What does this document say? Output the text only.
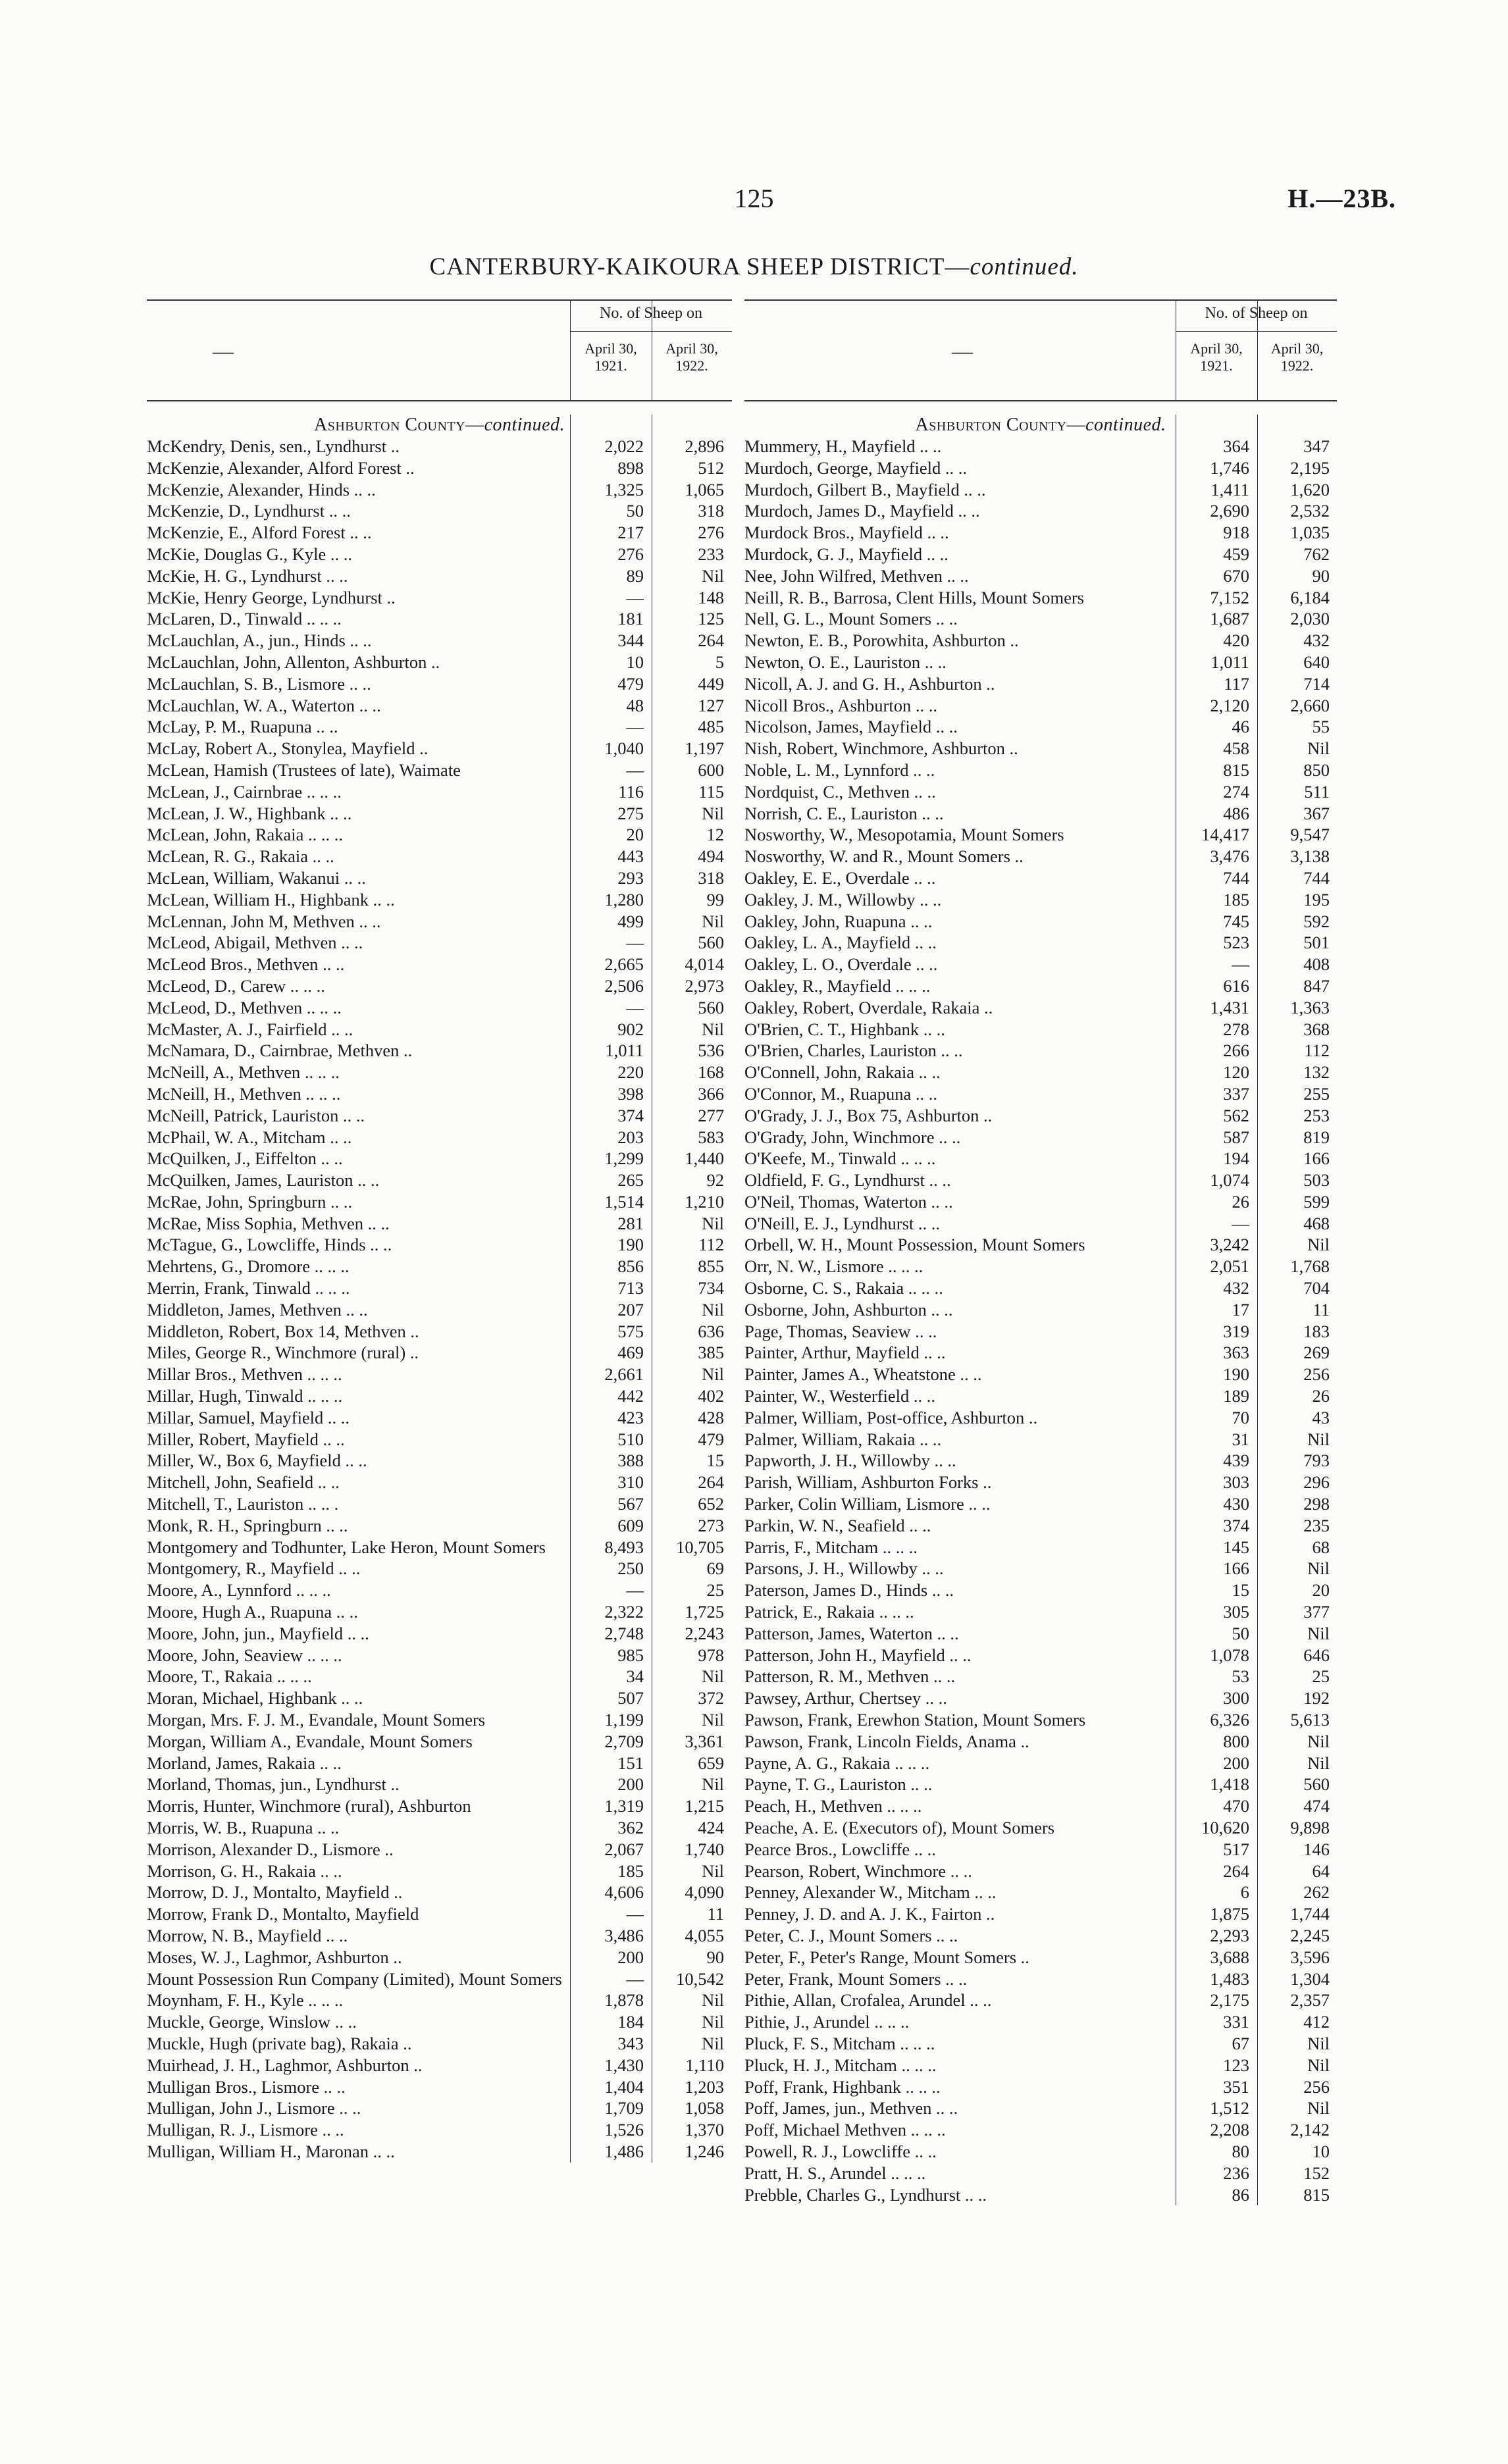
125	H.—23B.
CANTERBURY-KAIKOURA SHEEP DISTRICT—continued.
—
No. of Sheep on
April 30,
1921.
April 30,
1922.
Ashburton County—continued.
McKendry, Denis, sen., Lyndhurst ..	2,022	2,896
McKenzie, Alexander, Alford Forest ..	898	512
McKenzie, Alexander, Hinds .. ..	1,325	1,065
McKenzie, D., Lyndhurst .. ..	50	318
McKenzie, E., Alford Forest .. ..	217	276
McKie, Douglas G., Kyle .. ..	276	233
McKie, H. G., Lyndhurst .. ..	89	Nil
McKie, Henry George, Lyndhurst ..	—	148
McLaren, D., Tinwald .. .. ..	181	125
McLauchlan, A., jun., Hinds .. ..	344	264
McLauchlan, John, Allenton, Ashburton ..	10	5
McLauchlan, S. B., Lismore .. ..	479	449
McLauchlan, W. A., Waterton .. ..	48	127
McLay, P. M., Ruapuna .. ..	—	485
McLay, Robert A., Stonylea, Mayfield ..	1,040	1,197
McLean, Hamish (Trustees of late), Waimate	—	600
McLean, J., Cairnbrae .. .. ..	116	115
McLean, J. W., Highbank .. ..	275	Nil
McLean, John, Rakaia .. .. ..	20	12
McLean, R. G., Rakaia .. ..	443	494
McLean, William, Wakanui .. ..	293	318
McLean, William H., Highbank .. ..	1,280	99
McLennan, John M, Methven .. ..	499	Nil
McLeod, Abigail, Methven .. ..	—	560
McLeod Bros., Methven .. ..	2,665	4,014
McLeod, D., Carew .. .. ..	2,506	2,973
McLeod, D., Methven .. .. ..	—	560
McMaster, A. J., Fairfield .. ..	902	Nil
McNamara, D., Cairnbrae, Methven ..	1,011	536
McNeill, A., Methven .. .. ..	220	168
McNeill, H., Methven .. .. ..	398	366
McNeill, Patrick, Lauriston .. ..	374	277
McPhail, W. A., Mitcham .. ..	203	583
McQuilken, J., Eiffelton .. ..	1,299	1,440
McQuilken, James, Lauriston .. ..	265	92
McRae, John, Springburn .. ..	1,514	1,210
McRae, Miss Sophia, Methven .. ..	281	Nil
McTague, G., Lowcliffe, Hinds .. ..	190	112
Mehrtens, G., Dromore .. .. ..	856	855
Merrin, Frank, Tinwald .. .. ..	713	734
Middleton, James, Methven .. ..	207	Nil
Middleton, Robert, Box 14, Methven ..	575	636
Miles, George R., Winchmore (rural) ..	469	385
Millar Bros., Methven .. .. ..	2,661	Nil
Millar, Hugh, Tinwald .. .. ..	442	402
Millar, Samuel, Mayfield .. ..	423	428
Miller, Robert, Mayfield .. ..	510	479
Miller, W., Box 6, Mayfield .. ..	388	15
Mitchell, John, Seafield .. ..	310	264
Mitchell, T., Lauriston .. .. .	567	652
Monk, R. H., Springburn .. ..	609	273
Montgomery and Todhunter, Lake Heron, Mount Somers	8,493	10,705
Montgomery, R., Mayfield .. ..	250	69
Moore, A., Lynnford .. .. ..	—	25
Moore, Hugh A., Ruapuna .. ..	2,322	1,725
Moore, John, jun., Mayfield .. ..	2,748	2,243
Moore, John, Seaview .. .. ..	985	978
Moore, T., Rakaia .. .. ..	34	Nil
Moran, Michael, Highbank .. ..	507	372
Morgan, Mrs. F. J. M., Evandale, Mount Somers	1,199	Nil
Morgan, William A., Evandale, Mount Somers	2,709	3,361
Morland, James, Rakaia .. ..	151	659
Morland, Thomas, jun., Lyndhurst ..	200	Nil
Morris, Hunter, Winchmore (rural), Ashburton	1,319	1,215
Morris, W. B., Ruapuna .. ..	362	424
Morrison, Alexander D., Lismore ..	2,067	1,740
Morrison, G. H., Rakaia .. ..	185	Nil
Morrow, D. J., Montalto, Mayfield ..	4,606	4,090
Morrow, Frank D., Montalto, Mayfield	—	11
Morrow, N. B., Mayfield .. ..	3,486	4,055
Moses, W. J., Laghmor, Ashburton ..	200	90
Mount Possession Run Company (Limited), Mount Somers	—	10,542
Moynham, F. H., Kyle .. .. ..	1,878	Nil
Muckle, George, Winslow .. ..	184	Nil
Muckle, Hugh (private bag), Rakaia ..	343	Nil
Muirhead, J. H., Laghmor, Ashburton ..	1,430	1,110
Mulligan Bros., Lismore .. ..	1,404	1,203
Mulligan, John J., Lismore .. ..	1,709	1,058
Mulligan, R. J., Lismore .. ..	1,526	1,370
Mulligan, William H., Maronan .. ..	1,486	1,246
—
No. of Sheep on
April 30,
1921.
April 30,
1922.
Ashburton County—continued.
Mummery, H., Mayfield .. ..	364	347
Murdoch, George, Mayfield .. ..	1,746	2,195
Murdoch, Gilbert B., Mayfield .. ..	1,411	1,620
Murdoch, James D., Mayfield .. ..	2,690	2,532
Murdock Bros., Mayfield .. ..	918	1,035
Murdock, G. J., Mayfield .. ..	459	762
Nee, John Wilfred, Methven .. ..	670	90
Neill, R. B., Barrosa, Clent Hills, Mount Somers	7,152	6,184
Nell, G. L., Mount Somers .. ..	1,687	2,030
Newton, E. B., Porowhita, Ashburton ..	420	432
Newton, O. E., Lauriston .. ..	1,011	640
Nicoll, A. J. and G. H., Ashburton ..	117	714
Nicoll Bros., Ashburton .. ..	2,120	2,660
Nicolson, James, Mayfield .. ..	46	55
Nish, Robert, Winchmore, Ashburton ..	458	Nil
Noble, L. M., Lynnford .. ..	815	850
Nordquist, C., Methven .. ..	274	511
Norrish, C. E., Lauriston .. ..	486	367
Nosworthy, W., Mesopotamia, Mount Somers	14,417	9,547
Nosworthy, W. and R., Mount Somers ..	3,476	3,138
Oakley, E. E., Overdale .. ..	744	744
Oakley, J. M., Willowby .. ..	185	195
Oakley, John, Ruapuna .. ..	745	592
Oakley, L. A., Mayfield .. ..	523	501
Oakley, L. O., Overdale .. ..	—	408
Oakley, R., Mayfield .. .. ..	616	847
Oakley, Robert, Overdale, Rakaia ..	1,431	1,363
O'Brien, C. T., Highbank .. ..	278	368
O'Brien, Charles, Lauriston .. ..	266	112
O'Connell, John, Rakaia .. ..	120	132
O'Connor, M., Ruapuna .. ..	337	255
O'Grady, J. J., Box 75, Ashburton ..	562	253
O'Grady, John, Winchmore .. ..	587	819
O'Keefe, M., Tinwald .. .. ..	194	166
Oldfield, F. G., Lyndhurst .. ..	1,074	503
O'Neil, Thomas, Waterton .. ..	26	599
O'Neill, E. J., Lyndhurst .. ..	—	468
Orbell, W. H., Mount Possession, Mount Somers	3,242	Nil
Orr, N. W., Lismore .. .. ..	2,051	1,768
Osborne, C. S., Rakaia .. .. ..	432	704
Osborne, John, Ashburton .. ..	17	11
Page, Thomas, Seaview .. ..	319	183
Painter, Arthur, Mayfield .. ..	363	269
Painter, James A., Wheatstone .. ..	190	256
Painter, W., Westerfield .. ..	189	26
Palmer, William, Post-office, Ashburton ..	70	43
Palmer, William, Rakaia .. ..	31	Nil
Papworth, J. H., Willowby .. ..	439	793
Parish, William, Ashburton Forks ..	303	296
Parker, Colin William, Lismore .. ..	430	298
Parkin, W. N., Seafield .. ..	374	235
Parris, F., Mitcham .. .. ..	145	68
Parsons, J. H., Willowby .. ..	166	Nil
Paterson, James D., Hinds .. ..	15	20
Patrick, E., Rakaia .. .. ..	305	377
Patterson, James, Waterton .. ..	50	Nil
Patterson, John H., Mayfield .. ..	1,078	646
Patterson, R. M., Methven .. ..	53	25
Pawsey, Arthur, Chertsey .. ..	300	192
Pawson, Frank, Erewhon Station, Mount Somers	6,326	5,613
Pawson, Frank, Lincoln Fields, Anama ..	800	Nil
Payne, A. G., Rakaia .. .. ..	200	Nil
Payne, T. G., Lauriston .. ..	1,418	560
Peach, H., Methven .. .. ..	470	474
Peache, A. E. (Executors of), Mount Somers	10,620	9,898
Pearce Bros., Lowcliffe .. ..	517	146
Pearson, Robert, Winchmore .. ..	264	64
Penney, Alexander W., Mitcham .. ..	6	262
Penney, J. D. and A. J. K., Fairton ..	1,875	1,744
Peter, C. J., Mount Somers .. ..	2,293	2,245
Peter, F., Peter's Range, Mount Somers ..	3,688	3,596
Peter, Frank, Mount Somers .. ..	1,483	1,304
Pithie, Allan, Crofalea, Arundel .. ..	2,175	2,357
Pithie, J., Arundel .. .. ..	331	412
Pluck, F. S., Mitcham .. .. ..	67	Nil
Pluck, H. J., Mitcham .. .. ..	123	Nil
Poff, Frank, Highbank .. .. ..	351	256
Poff, James, jun., Methven .. ..	1,512	Nil
Poff, Michael Methven .. .. ..	2,208	2,142
Powell, R. J., Lowcliffe .. ..	80	10
Pratt, H. S., Arundel .. .. ..	236	152
Prebble, Charles G., Lyndhurst .. ..	86	815
